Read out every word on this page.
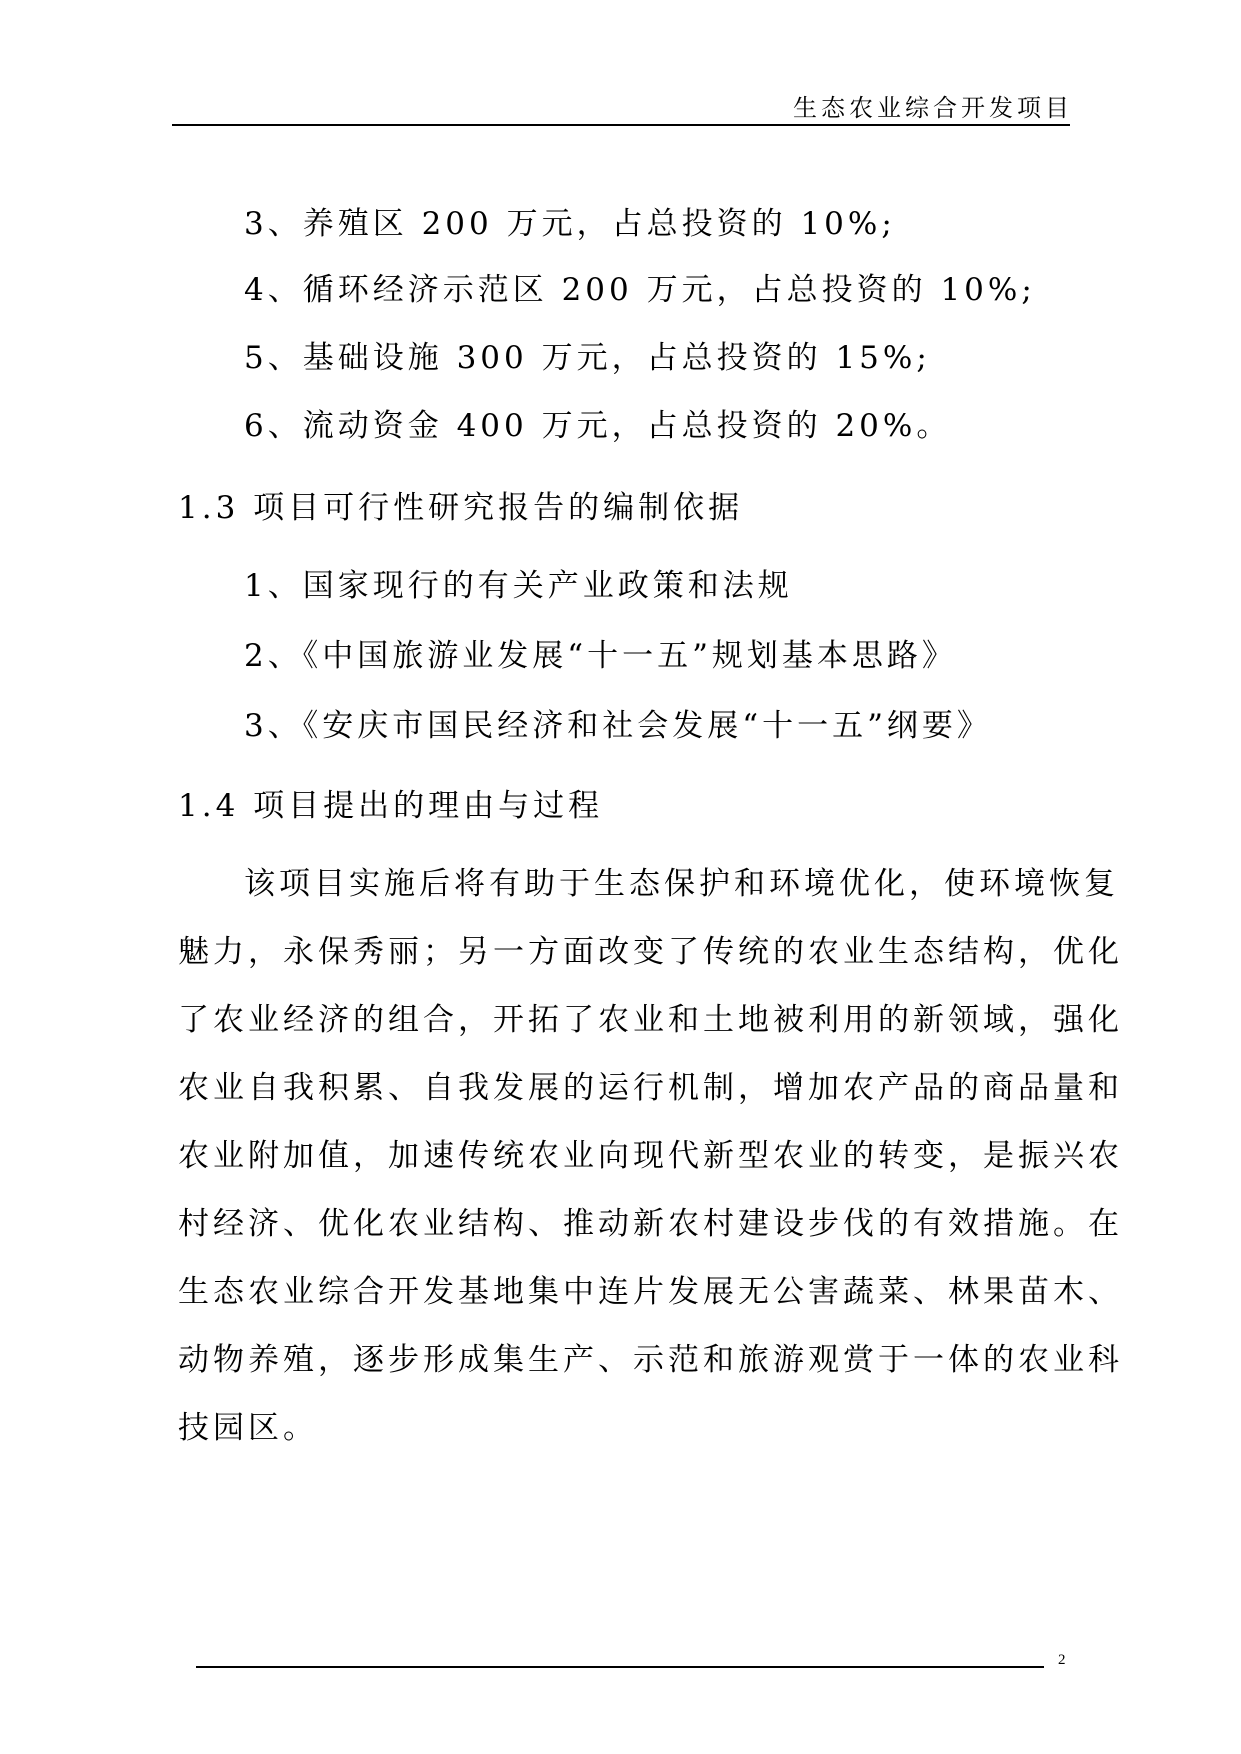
生态农业综合开发项目
3、养殖区 200 万元，占总投资的 10%;
4、循环经济示范区 200 万元，占总投资的 10%;
5、基础设施 300 万元，占总投资的 15%;
6、流动资金 400 万元，占总投资的 20%。
1.3 项目可行性研究报告的编制依据
1、国家现行的有关产业政策和法规
2、《中国旅游业发展“十一五”规划基本思路》
3、《安庆市国民经济和社会发展“十一五”纲要》
1.4 项目提出的理由与过程
该项目实施后将有助于生态保护和环境优化，使环境恢复
魅力，永保秀丽；另一方面改变了传统的农业生态结构，优化
了农业经济的组合，开拓了农业和土地被利用的新领域，强化
农业自我积累、自我发展的运行机制，增加农产品的商品量和
农业附加值，加速传统农业向现代新型农业的转变，是振兴农
村经济、优化农业结构、推动新农村建设步伐的有效措施。在
生态农业综合开发基地集中连片发展无公害蔬菜、林果苗木、
动物养殖，逐步形成集生产、示范和旅游观赏于一体的农业科
技园区。
2
